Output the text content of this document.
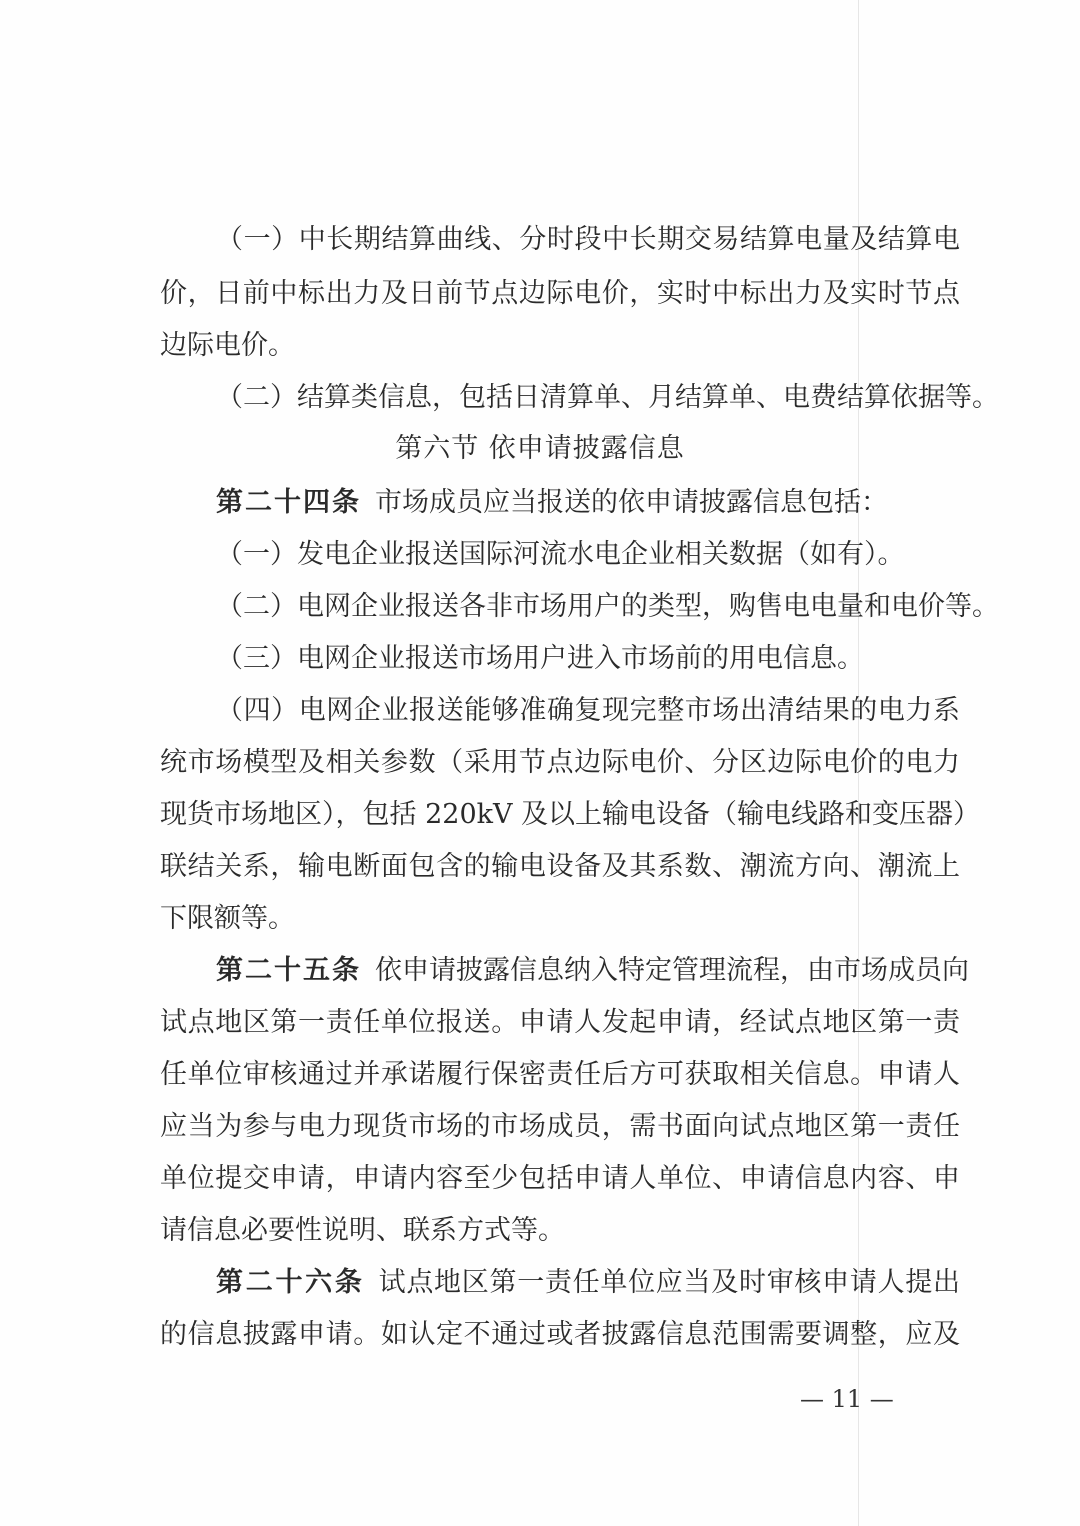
（一）中长期结算曲线、分时段中长期交易结算电量及结算电
价，日前中标出力及日前节点边际电价，实时中标出力及实时节点
边际电价。
（二）结算类信息，包括日清算单、月结算单、电费结算依据等。
第六节 依申请披露信息
第二十四条 市场成员应当报送的依申请披露信息包括：
（一）发电企业报送国际河流水电企业相关数据（如有）。
（二）电网企业报送各非市场用户的类型，购售电电量和电价等。
（三）电网企业报送市场用户进入市场前的用电信息。
（四）电网企业报送能够准确复现完整市场出清结果的电力系
统市场模型及相关参数（采用节点边际电价、分区边际电价的电力
现货市场地区），包括 220kV 及以上输电设备（输电线路和变压器）
联结关系，输电断面包含的输电设备及其系数、潮流方向、潮流上
下限额等。
第二十五条 依申请披露信息纳入特定管理流程，由市场成员向
试点地区第一责任单位报送。申请人发起申请，经试点地区第一责
任单位审核通过并承诺履行保密责任后方可获取相关信息。申请人
应当为参与电力现货市场的市场成员，需书面向试点地区第一责任
单位提交申请，申请内容至少包括申请人单位、申请信息内容、申
请信息必要性说明、联系方式等。
第二十六条 试点地区第一责任单位应当及时审核申请人提出
的信息披露申请。如认定不通过或者披露信息范围需要调整，应及
— 11 —
